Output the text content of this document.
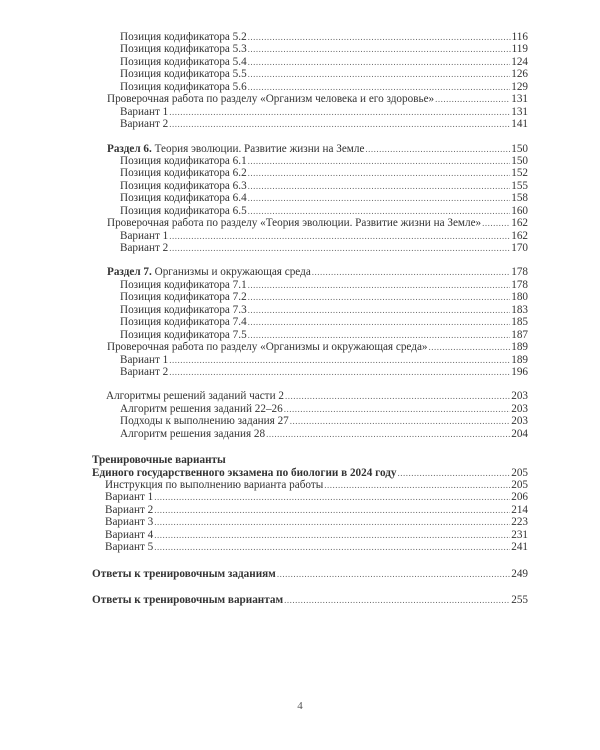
Позиция кодификатора 5.2 .....	116
Позиция кодификатора 5.3 .....	119
Позиция кодификатора 5.4 .....	124
Позиция кодификатора 5.5 .....	126
Позиция кодификатора 5.6 .....	129
Проверочная работа по разделу «Организм человека и его здоровье» .....	131
Вариант 1 .....	131
Вариант 2 .....	141
Раздел 6. Теория эволюции. Развитие жизни на Земле .....	150
Позиция кодификатора 6.1 .....	150
Позиция кодификатора 6.2 .....	152
Позиция кодификатора 6.3 .....	155
Позиция кодификатора 6.4 .....	158
Позиция кодификатора 6.5 .....	160
Проверочная работа по разделу «Теория эволюции. Развитие жизни на Земле» .....	162
Вариант 1 .....	162
Вариант 2 .....	170
Раздел 7. Организмы и окружающая среда .....	178
Позиция кодификатора 7.1 .....	178
Позиция кодификатора 7.2 .....	180
Позиция кодификатора 7.3 .....	183
Позиция кодификатора 7.4 .....	185
Позиция кодификатора 7.5 .....	187
Проверочная работа по разделу «Организмы и окружающая среда» .....	189
Вариант 1 .....	189
Вариант 2 .....	196
Алгоритмы решений заданий части 2 .....	203
Алгоритм решения заданий 22–26 .....	203
Подходы к выполнению задания 27 .....	203
Алгоритм решения задания 28 .....	204
Тренировочные варианты
Единого государственного экзамена по биологии в 2024 году .....	205
Инструкция по выполнению варианта работы .....	205
Вариант 1 .....	206
Вариант 2 .....	214
Вариант 3 .....	223
Вариант 4 .....	231
Вариант 5 .....	241
Ответы к тренировочным заданиям .....	249
Ответы к тренировочным вариантам .....	255
4
